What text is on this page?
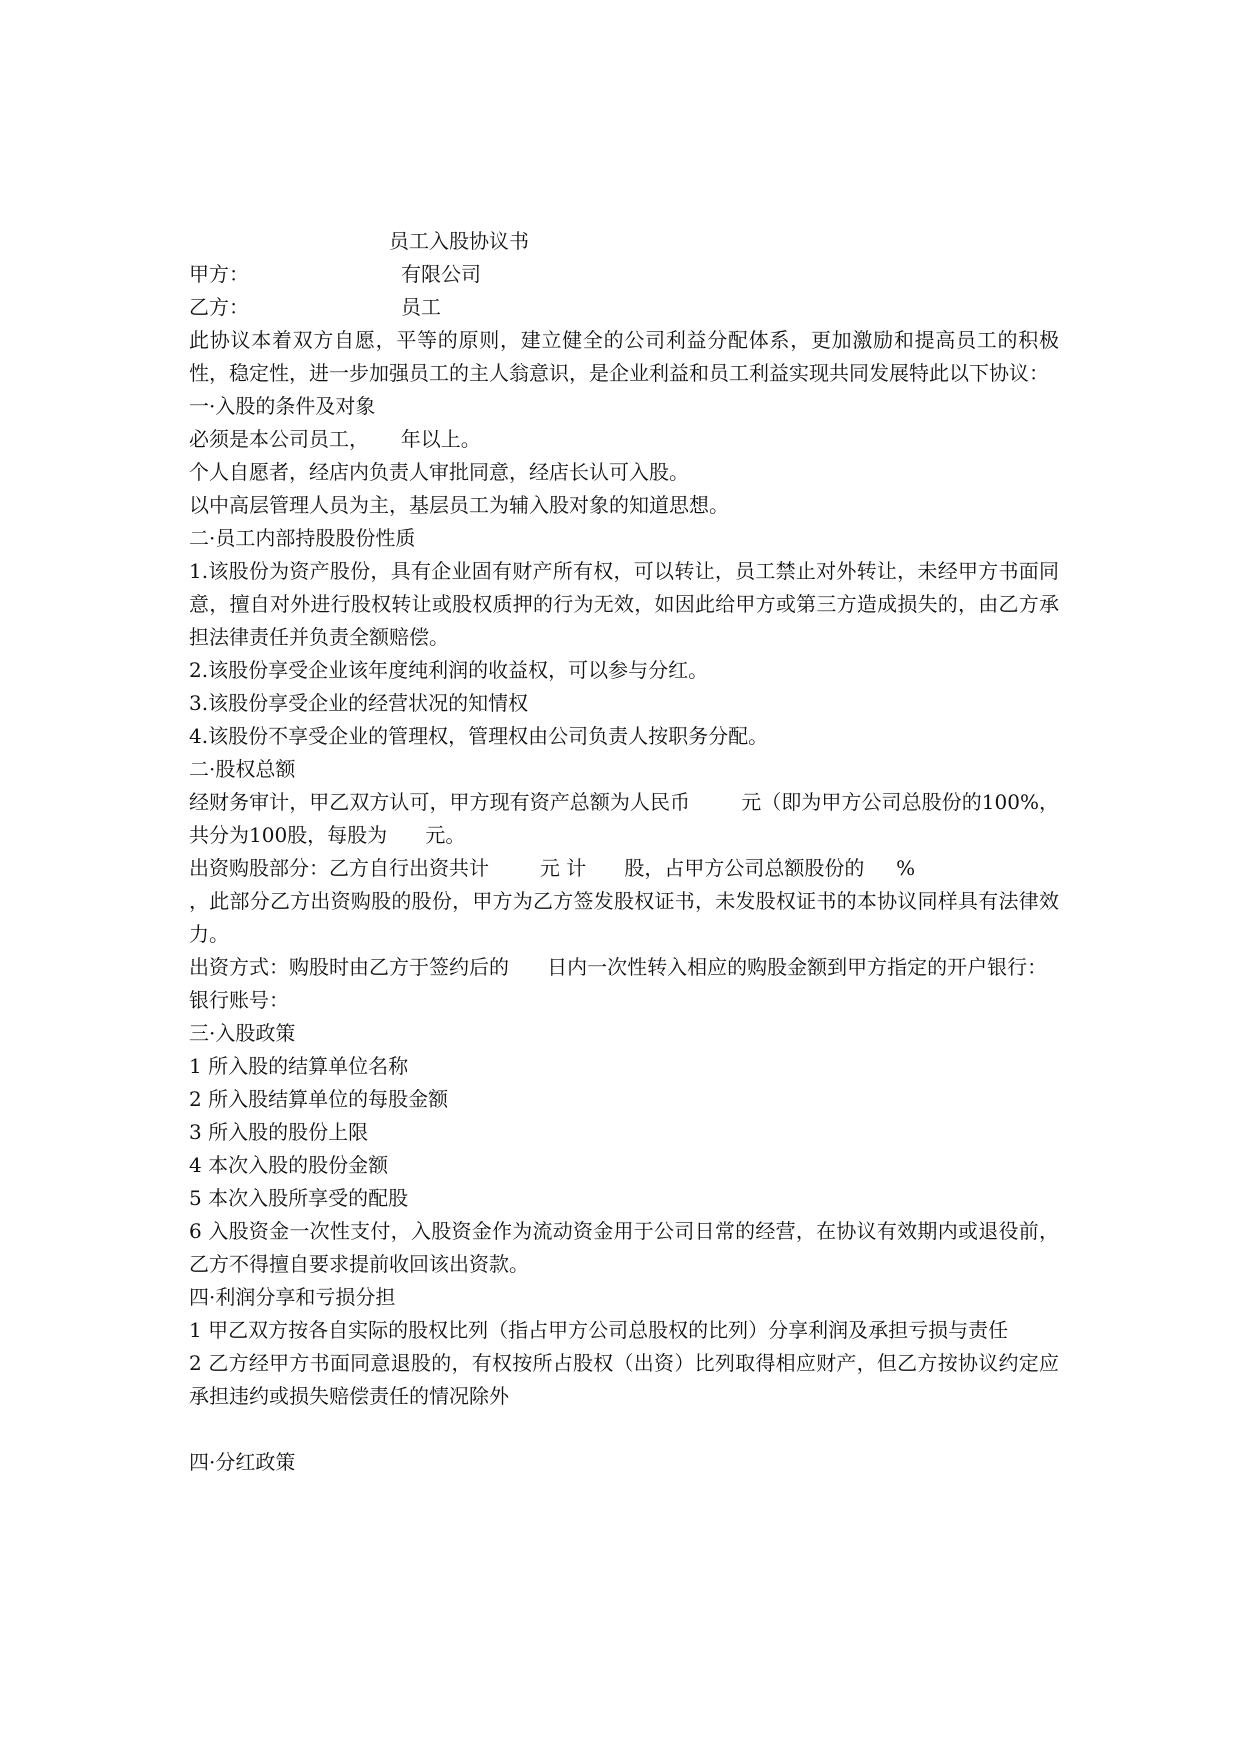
员工入股协议书

甲方：	有限公司
乙方：	员工

此协议本着双方自愿，平等的原则，建立健全的公司利益分配体系，更加激励和提高员工的积极性，稳定性，进一步加强员工的主人翁意识，是企业利益和员工利益实现共同发展特此以下协议：

一·入股的条件及对象

必须是本公司员工，     年以上。

个人自愿者，经店内负责人审批同意，经店长认可入股。

以中高层管理人员为主，基层员工为辅入股对象的知道思想。

二·员工内部持股股份性质

1.该股份为资产股份，具有企业固有财产所有权，可以转让，员工禁止对外转让，未经甲方书面同意，擅自对外进行股权转让或股权质押的行为无效，如因此给甲方或第三方造成损失的，由乙方承担法律责任并负责全额赔偿。

2.该股份享受企业该年度纯利润的收益权，可以参与分红。

3.该股份享受企业的经营状况的知情权

4.该股份不享受企业的管理权，管理权由公司负责人按职务分配。

二·股权总额

经财务审计，甲乙双方认可，甲方现有资产总额为人民币        元（即为甲方公司总股份的100%，共分为100股，每股为      元。

出资购股部分：乙方自行出资共计        元 计      股，占甲方公司总额股份的     %

，此部分乙方出资购股的股份，甲方为乙方签发股权证书，未发股权证书的本协议同样具有法律效力。

出资方式：购股时由乙方于签约后的      日内一次性转入相应的购股金额到甲方指定的开户银行：

银行账号：

三·入股政策

1 所入股的结算单位名称

2 所入股结算单位的每股金额

3 所入股的股份上限

4 本次入股的股份金额

5 本次入股所享受的配股

6 入股资金一次性支付，入股资金作为流动资金用于公司日常的经营，在协议有效期内或退役前，乙方不得擅自要求提前收回该出资款。

四·利润分享和亏损分担

1 甲乙双方按各自实际的股权比列（指占甲方公司总股权的比列）分享利润及承担亏损与责任

2 乙方经甲方书面同意退股的，有权按所占股权（出资）比列取得相应财产，但乙方按协议约定应承担违约或损失赔偿责任的情况除外

四·分红政策
